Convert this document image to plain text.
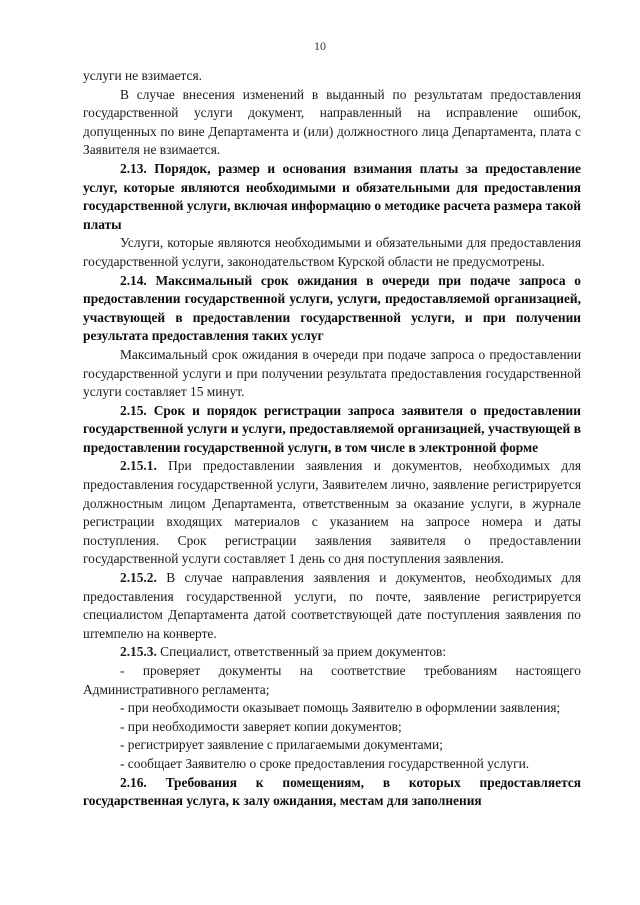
10

услуги не взимается.

В случае внесения изменений в выданный по результатам предоставления государственной услуги документ, направленный на исправление ошибок, допущенных по вине Департамента и (или) должностного лица Департамента, плата с Заявителя не взимается.

2.13. Порядок, размер и основания взимания платы за предоставление услуг, которые являются необходимыми и обязательными для предоставления государственной услуги, включая информацию о методике расчета размера такой платы

Услуги, которые являются необходимыми и обязательными для предоставления государственной услуги, законодательством Курской области не предусмотрены.

2.14. Максимальный срок ожидания в очереди при подаче запроса о предоставлении государственной услуги, услуги, предоставляемой организацией, участвующей в предоставлении государственной услуги, и при получении результата предоставления таких услуг

Максимальный срок ожидания в очереди при подаче запроса о предоставлении государственной услуги и при получении результата предоставления государственной услуги составляет 15 минут.

2.15. Срок и порядок регистрации запроса заявителя о предоставлении государственной услуги и услуги, предоставляемой организацией, участвующей в предоставлении государственной услуги, в том числе в электронной форме

2.15.1. При предоставлении заявления и документов, необходимых для предоставления государственной услуги, Заявителем лично, заявление регистрируется должностным лицом Департамента, ответственным за оказание услуги, в журнале регистрации входящих материалов с указанием на запросе номера и даты поступления. Срок регистрации заявления заявителя о предоставлении государственной услуги составляет 1 день со дня поступления заявления.

2.15.2. В случае направления заявления и документов, необходимых для предоставления государственной услуги, по почте, заявление регистрируется специалистом Департамента датой соответствующей дате поступления заявления по штемпелю на конверте.

2.15.3. Специалист, ответственный за прием документов:

- проверяет документы на соответствие требованиям настоящего Административного регламента;

- при необходимости оказывает помощь Заявителю в оформлении заявления;

- при необходимости заверяет копии документов;

- регистрирует заявление с прилагаемыми документами;

- сообщает Заявителю о сроке предоставления государственной услуги.

2.16. Требования к помещениям, в которых предоставляется государственная услуга, к залу ожидания, местам для заполнения
